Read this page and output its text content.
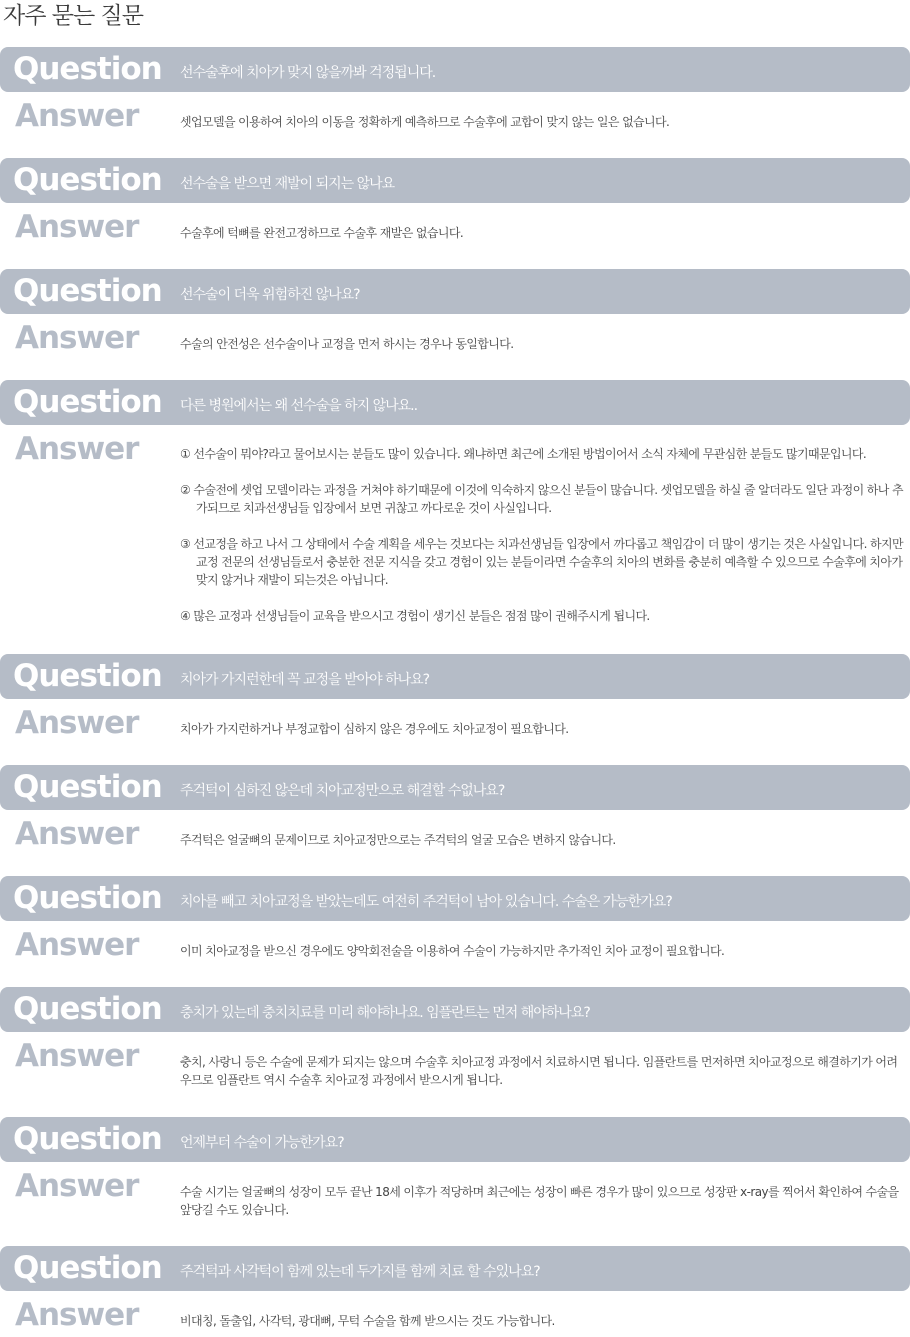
자주 묻는 질문
Question 선수술후에 치아가 맞지 않을까봐 걱정됩니다.
Answer	셋업모델을 이용하여 치아의 이동을 정확하게 예측하므로 수술후에 교합이 맞지 않는 일은 없습니다.

Question 선수술을 받으면 재발이 되지는 않나요
Answer	수술후에 턱뼈를 완전고정하므로 수술후 재발은 없습니다.

Question 선수술이 더욱 위험하진 않나요?
Answer	수술의 안전성은 선수술이나 교정을 먼저 하시는 경우나 동일합니다.

Question 다른 병원에서는 왜 선수술을 하지 않나요..
Answer	① 선수술이 뭐야?라고 물어보시는 분들도 많이 있습니다. 왜냐하면 최근에 소개된 방법이어서 소식 자체에 무관심한 분들도 많기때문입니다.

② 수술전에 셋업 모델이라는 과정을 거쳐야 하기때문에 이것에 익숙하지 않으신 분들이 많습니다. 셋업모델을 하실 줄 알더라도 일단 과정이 하나 추가되므로 치과선생님들 입장에서 보면 귀찮고 까다로운 것이 사실입니다.

③ 선교정을 하고 나서 그 상태에서 수술 계획을 세우는 것보다는 치과선생님들 입장에서 까다롭고 책임감이 더 많이 생기는 것은 사실입니다. 하지만 교정 전문의 선생님들로서 충분한 전문 지식을 갖고 경험이 있는 분들이라면 수술후의 치아의 변화를 충분히 예측할 수 있으므로 수술후에 치아가 맞지 않거나 재발이 되는것은 아닙니다.

④ 많은 교정과 선생님들이 교육을 받으시고 경험이 생기신 분들은 점점 많이 권해주시게 됩니다.

Question 치아가 가지런한데 꼭 교정을 받아야 하나요?
Answer	치아가 가지런하거나 부정교합이 심하지 않은 경우에도 치아교정이 필요합니다.

Question 주걱턱이 심하진 않은데 치아교정만으로 해결할 수없나요?
Answer	주걱턱은 얼굴뼈의 문제이므로 치아교정만으로는 주걱턱의 얼굴 모습은 변하지 않습니다.

Question 치아를 빼고 치아교정을 받았는데도 여전히 주걱턱이 남아 있습니다. 수술은 가능한가요?
Answer	이미 치아교정을 받으신 경우에도 양악회전술을 이용하여 수술이 가능하지만 추가적인 치아 교정이 필요합니다.

Question 충치가 있는데 충치치료를 미리 해야하나요. 임플란트는 먼저 해야하나요?
Answer	충치, 사랑니 등은 수술에 문제가 되지는 않으며 수술후 치아교정 과정에서 치료하시면 됩니다. 임플란트를 먼저하면 치아교정으로 해결하기가 어려우므로 임플란트 역시 수술후 치아교정 과정에서 받으시게 됩니다.

Question 언제부터 수술이 가능한가요?
Answer	수술 시기는 얼굴뼈의 성장이 모두 끝난 18세 이후가 적당하며 최근에는 성장이 빠른 경우가 많이 있으므로 성장판 x-ray를 찍어서 확인하여 수술을 앞당길 수도 있습니다.

Question 주걱턱과 사각턱이 함께 있는데 두가지를 함께 치료 할 수있나요?
Answer	비대칭, 돌출입, 사각턱, 광대뼈, 무턱 수술을 함께 받으시는 것도 가능합니다.
